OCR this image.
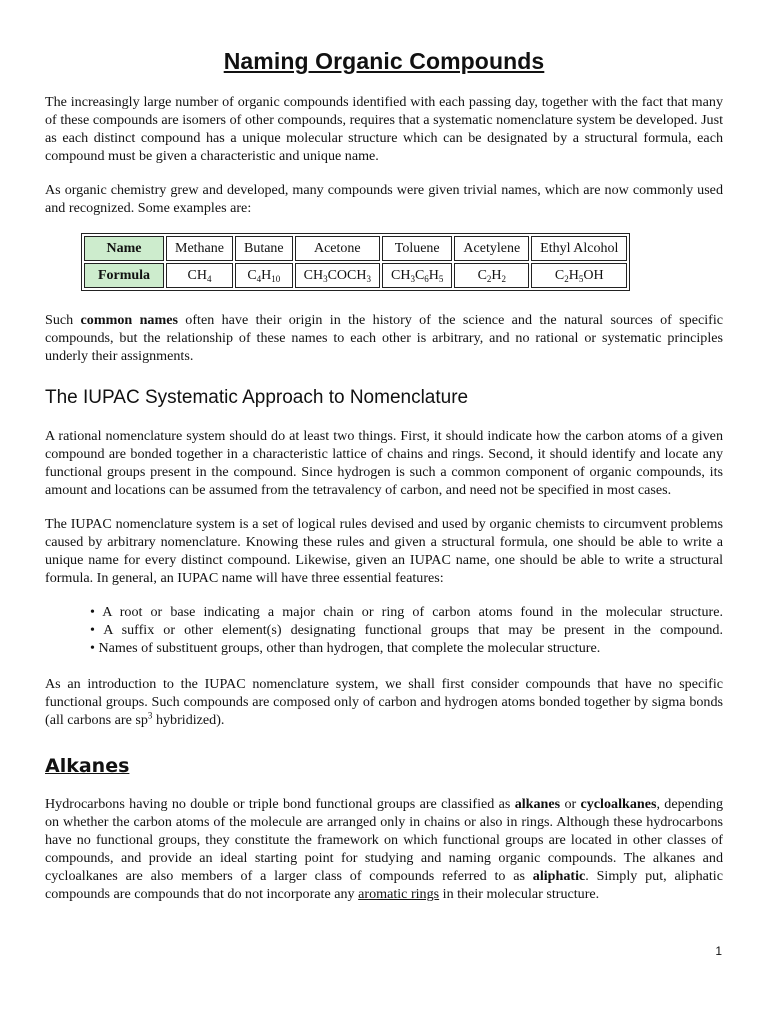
Naming Organic Compounds

The increasingly large number of organic compounds identified with each passing day, together with the fact that many of these compounds are isomers of other compounds, requires that a systematic nomenclature system be developed. Just as each distinct compound has a unique molecular structure which can be designated by a structural formula, each compound must be given a characteristic and unique name.

As organic chemistry grew and developed, many compounds were given trivial names, which are now commonly used and recognized. Some examples are:

Name	Methane	Butane	Acetone	Toluene	Acetylene	Ethyl Alcohol
Formula	$CH_4$	$C_4H_{10}$	$CH_3COCH_3$	$CH_3C_6H_5$	$C_2H_2$	$C_2H_5OH$

Such common names often have their origin in the history of the science and the natural sources of specific compounds, but the relationship of these names to each other is arbitrary, and no rational or systematic principles underly their assignments.

The IUPAC Systematic Approach to Nomenclature

A rational nomenclature system should do at least two things. First, it should indicate how the carbon atoms of a given compound are bonded together in a characteristic lattice of chains and rings. Second, it should identify and locate any functional groups present in the compound. Since hydrogen is such a common component of organic compounds, its amount and locations can be assumed from the tetravalency of carbon, and need not be specified in most cases.

The IUPAC nomenclature system is a set of logical rules devised and used by organic chemists to circumvent problems caused by arbitrary nomenclature. Knowing these rules and given a structural formula, one should be able to write a unique name for every distinct compound. Likewise, given an IUPAC name, one should be able to write a structural formula. In general, an IUPAC name will have three essential features:

• A root or base indicating a major chain or ring of carbon atoms found in the molecular structure.
• A suffix or other element(s) designating functional groups that may be present in the compound.
• Names of substituent groups, other than hydrogen, that complete the molecular structure.

As an introduction to the IUPAC nomenclature system, we shall first consider compounds that have no specific functional groups. Such compounds are composed only of carbon and hydrogen atoms bonded together by sigma bonds (all carbons are $sp^3$ hybridized).

Alkanes

Hydrocarbons having no double or triple bond functional groups are classified as alkanes or cycloalkanes, depending on whether the carbon atoms of the molecule are arranged only in chains or also in rings. Although these hydrocarbons have no functional groups, they constitute the framework on which functional groups are located in other classes of compounds, and provide an ideal starting point for studying and naming organic compounds. The alkanes and cycloalkanes are also members of a larger class of compounds referred to as aliphatic. Simply put, aliphatic compounds are compounds that do not incorporate any aromatic rings in their molecular structure.

1
